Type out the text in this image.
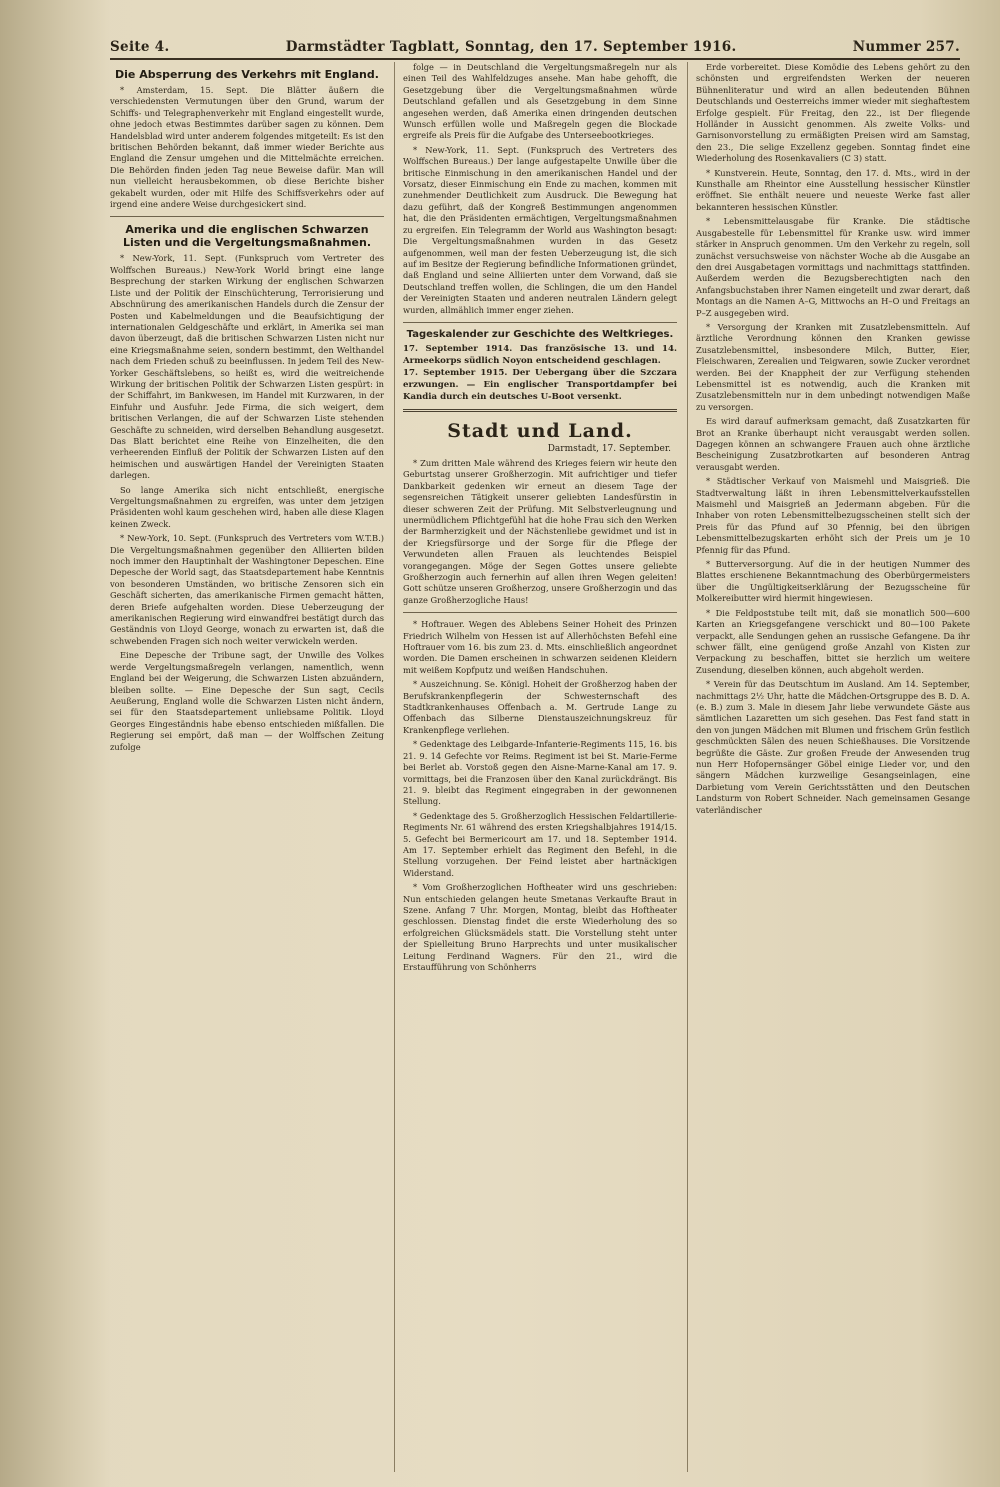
Seite 4.	Darmstädter Tagblatt, Sonntag, den 17. September 1916.	Nummer 257.
Die Absperrung des Verkehrs mit England.

* Amsterdam, 15. Sept. Die Blätter äußern die verschiedensten Vermutungen über den Grund, warum der Schiffs- und Telegraphenverkehr mit England eingestellt wurde, ohne jedoch etwas Bestimmtes darüber sagen zu können. Dem Handelsblad wird unter anderem folgendes mitgeteilt: Es ist den britischen Behörden bekannt, daß immer wieder Berichte aus England die Zensur umgehen und die Mittelmächte erreichen. Die Behörden finden jeden Tag neue Beweise dafür. Man will nun vielleicht herausbekommen, ob diese Berichte bisher gekabelt wurden, oder mit Hilfe des Schiffsverkehrs oder auf irgend eine andere Weise durchgesickert sind.

Amerika und die englischen Schwarzen Listen und die Vergeltungsmaßnahmen.

* New-York, 11. Sept. (Funkspruch vom Vertreter des Wolffschen Bureaus.) New-York World bringt eine lange Besprechung der starken Wirkung der englischen Schwarzen Liste und der Politik der Einschüchterung, Terrorisierung und Abschnürung des amerikanischen Handels durch die Zensur der Posten und Kabelmeldungen und die Beaufsichtigung der internationalen Geldgeschäfte und erklärt, in Amerika sei man davon überzeugt, daß die britischen Schwarzen Listen nicht nur eine Kriegsmaßnahme seien, sondern bestimmt, den Welthandel nach dem Frieden schuß zu beeinflussen. In jedem Teil des New-Yorker Geschäftslebens, so heißt es, wird die weitreichende Wirkung der britischen Politik der Schwarzen Listen gespürt: in der Schiffahrt, im Bankwesen, im Handel mit Kurzwaren, in der Einfuhr und Ausfuhr. Jede Firma, die sich weigert, dem britischen Verlangen, die auf der Schwarzen Liste stehenden Geschäfte zu schneiden, wird derselben Behandlung ausgesetzt. Das Blatt berichtet eine Reihe von Einzelheiten, die den verheerenden Einfluß der Politik der Schwarzen Listen auf den heimischen und auswärtigen Handel der Vereinigten Staaten darlegen.

So lange Amerika sich nicht entschließt, energische Vergeltungsmaßnahmen zu ergreifen, was unter dem jetzigen Präsidenten wohl kaum geschehen wird, haben alle diese Klagen keinen Zweck.

* New-York, 10. Sept. (Funkspruch des Vertreters vom W.T.B.) Die Vergeltungsmaßnahmen gegenüber den Alliierten bilden noch immer den Hauptinhalt der Washingtoner Depeschen. Eine Depesche der World sagt, das Staatsdepartement habe Kenntnis von besonderen Umständen, wo britische Zensoren sich ein Geschäft sicherten, das amerikanische Firmen gemacht hätten, deren Briefe aufgehalten worden. Diese Ueberzeugung der amerikanischen Regierung wird einwandfrei bestätigt durch das Geständnis von Lloyd George, wonach zu erwarten ist, daß die schwebenden Fragen sich noch weiter verwickeln werden.

Eine Depesche der Tribune sagt, der Unwille des Volkes werde Vergeltungsmaßregeln verlangen, namentlich, wenn England bei der Weigerung, die Schwarzen Listen abzuändern, bleiben sollte. — Eine Depesche der Sun sagt, Cecils Aeußerung, England wolle die Schwarzen Listen nicht ändern, sei für den Staatsdepartement unliebsame Politik. Lloyd Georges Eingeständnis habe ebenso entschieden mißfallen. Die Regierung sei empört, daß man — der Wolffschen Zeitung zufolge

folge — in Deutschland die Vergeltungsmaßregeln nur als einen Teil des Wahlfeldzuges ansehe. Man habe gehofft, die Gesetzgebung über die Vergeltungsmaßnahmen würde Deutschland gefallen und als Gesetzgebung in dem Sinne angesehen werden, daß Amerika einen dringenden deutschen Wunsch erfüllen wolle und Maßregeln gegen die Blockade ergreife als Preis für die Aufgabe des Unterseebootkrieges.

* New-York, 11. Sept. (Funkspruch des Vertreters des Wolffschen Bureaus.) Der lange aufgestapelte Unwille über die britische Einmischung in den amerikanischen Handel und der Vorsatz, dieser Einmischung ein Ende zu machen, kommen mit zunehmender Deutlichkeit zum Ausdruck. Die Bewegung hat dazu geführt, daß der Kongreß Bestimmungen angenommen hat, die den Präsidenten ermächtigen, Vergeltungsmaßnahmen zu ergreifen. Ein Telegramm der World aus Washington besagt: Die Vergeltungsmaßnahmen wurden in das Gesetz aufgenommen, weil man der festen Ueberzeugung ist, die sich auf im Besitze der Regierung befindliche Informationen gründet, daß England und seine Alliierten unter dem Vorwand, daß sie Deutschland treffen wollen, die Schlingen, die um den Handel der Vereinigten Staaten und anderen neutralen Ländern gelegt wurden, allmählich immer enger ziehen.

Tageskalender zur Geschichte des Weltkrieges.
17. September 1914. Das französische 13. und 14. Armeekorps südlich Noyon entscheidend geschlagen.
17. September 1915. Der Uebergang über die Szczara erzwungen. — Ein englischer Transportdampfer bei Kandia durch ein deutsches U-Boot versenkt.
Stadt und Land.
Darmstadt, 17. September.

* Zum dritten Male während des Krieges feiern wir heute den Geburtstag unserer Großherzogin. Mit aufrichtiger und tiefer Dankbarkeit gedenken wir erneut an diesem Tage der segensreichen Tätigkeit unserer geliebten Landesfürstin in dieser schweren Zeit der Prüfung. Mit Selbstverleugnung und unermüdlichem Pflichtgefühl hat die hohe Frau sich den Werken der Barmherzigkeit und der Nächstenliebe gewidmet und ist in der Kriegsfürsorge und der Sorge für die Pflege der Verwundeten allen Frauen als leuchtendes Beispiel vorangegangen. Möge der Segen Gottes unsere geliebte Großherzogin auch fernerhin auf allen ihren Wegen geleiten! Gott schütze unseren Großherzog, unsere Großherzogin und das ganze Großherzogliche Haus!

* Hoftrauer. Wegen des Ablebens Seiner Hoheit des Prinzen Friedrich Wilhelm von Hessen ist auf Allerhöchsten Befehl eine Hoftrauer vom 16. bis zum 23. d. Mts. einschließlich angeordnet worden. Die Damen erscheinen in schwarzen seidenen Kleidern mit weißem Kopfputz und weißen Handschuhen.

* Auszeichnung. Se. Königl. Hoheit der Großherzog haben der Berufskrankenpflegerin der Schwesternschaft des Stadtkrankenhauses Offenbach a. M. Gertrude Lange zu Offenbach das Silberne Dienstauszeichnungskreuz für Krankenpflege verliehen.

* Gedenktage des Leibgarde-Infanterie-Regiments 115, 16. bis 21. 9. 14 Gefechte vor Reims. Regiment ist bei St. Marie-Ferme bei Berlet ab. Vorstoß gegen den Aisne-Marne-Kanal am 17. 9. vormittags, bei die Franzosen über den Kanal zurückdrängt. Bis 21. 9. bleibt das Regiment eingegraben in der gewonnenen Stellung.

* Gedenktage des 5. Großherzoglich Hessischen Feldartillerie-Regiments Nr. 61 während des ersten Kriegshalbjahres 1914/15. 5. Gefecht bei Bermericourt am 17. und 18. September 1914. Am 17. September erhielt das Regiment den Befehl, in die Stellung vorzugehen. Der Feind leistet aber hartnäckigen Widerstand.

* Vom Großherzoglichen Hoftheater wird uns geschrieben: Nun entschieden gelangen heute Smetanas Verkaufte Braut in Szene. Anfang 7 Uhr. Morgen, Montag, bleibt das Hoftheater geschlossen. Dienstag findet die erste Wiederholung des so erfolgreichen Glücksmädels statt. Die Vorstellung steht unter der Spielleitung Bruno Harprechts und unter musikalischer Leitung Ferdinand Wagners. Für den 21., wird die Erstaufführung von Schönherrs

Erde vorbereitet. Diese Komödie des Lebens gehört zu den schönsten und ergreifendsten Werken der neueren Bühnenliteratur und wird an allen bedeutenden Bühnen Deutschlands und Oesterreichs immer wieder mit sieghaftestem Erfolge gespielt. Für Freitag, den 22., ist Der fliegende Holländer in Aussicht genommen. Als zweite Volks- und Garnisonvorstellung zu ermäßigten Preisen wird am Samstag, den 23., Die selige Exzellenz gegeben. Sonntag findet eine Wiederholung des Rosenkavaliers (C 3) statt.

* Kunstverein. Heute, Sonntag, den 17. d. Mts., wird in der Kunsthalle am Rheintor eine Ausstellung hessischer Künstler eröffnet. Sie enthält neuere und neueste Werke fast aller bekannteren hessischen Künstler.

* Lebensmittelausgabe für Kranke. Die städtische Ausgabestelle für Lebensmittel für Kranke usw. wird immer stärker in Anspruch genommen. Um den Verkehr zu regeln, soll zunächst versuchsweise von nächster Woche ab die Ausgabe an den drei Ausgabetagen vormittags und nachmittags stattfinden. Außerdem werden die Bezugsberechtigten nach den Anfangsbuchstaben ihrer Namen eingeteilt und zwar derart, daß Montags an die Namen A–G, Mittwochs an H–O und Freitags an P–Z ausgegeben wird.

* Versorgung der Kranken mit Zusatzlebensmitteln. Auf ärztliche Verordnung können den Kranken gewisse Zusatzlebensmittel, insbesondere Milch, Butter, Eier, Fleischwaren, Zerealien und Teigwaren, sowie Zucker verordnet werden. Bei der Knappheit der zur Verfügung stehenden Lebensmittel ist es notwendig, auch die Kranken mit Zusatzlebensmitteln nur in dem unbedingt notwendigen Maße zu versorgen.

Es wird darauf aufmerksam gemacht, daß Zusatzkarten für Brot an Kranke überhaupt nicht verausgabt werden sollen. Dagegen können an schwangere Frauen auch ohne ärztliche Bescheinigung Zusatzbrotkarten auf besonderen Antrag verausgabt werden.

* Städtischer Verkauf von Maismehl und Maisgrieß. Die Stadtverwaltung läßt in ihren Lebensmittelverkaufsstellen Maismehl und Maisgrieß an Jedermann abgeben. Für die Inhaber von roten Lebensmittelbezugsscheinen stellt sich der Preis für das Pfund auf 30 Pfennig, bei den übrigen Lebensmittelbezugskarten erhöht sich der Preis um je 10 Pfennig für das Pfund.

* Butterversorgung. Auf die in der heutigen Nummer des Blattes erschienene Bekanntmachung des Oberbürgermeisters über die Ungültigkeitserklärung der Bezugsscheine für Molkereibutter wird hiermit hingewiesen.

* Die Feldpoststube teilt mit, daß sie monatlich 500—600 Karten an Kriegsgefangene verschickt und 80—100 Pakete verpackt, alle Sendungen gehen an russische Gefangene. Da ihr schwer fällt, eine genügend große Anzahl von Kisten zur Verpackung zu beschaffen, bittet sie herzlich um weitere Zusendung, dieselben können, auch abgeholt werden.

* Verein für das Deutschtum im Ausland. Am 14. September, nachmittags 2½ Uhr, hatte die Mädchen-Ortsgruppe des B. D. A. (e. B.) zum 3. Male in diesem Jahr liebe verwundete Gäste aus sämtlichen Lazaretten um sich gesehen. Das Fest fand statt in den von jungen Mädchen mit Blumen und frischem Grün festlich geschmückten Sälen des neuen Schießhauses. Die Vorsitzende begrüßte die Gäste. Zur großen Freude der Anwesenden trug nun Herr Hofopernsänger Göbel einige Lieder vor, und den sängern Mädchen kurzweilige Gesangseinlagen, eine Darbietung vom Verein Gerichtsstätten und den Deutschen Landsturm von Robert Schneider. Nach gemeinsamen Gesange vaterländischer
